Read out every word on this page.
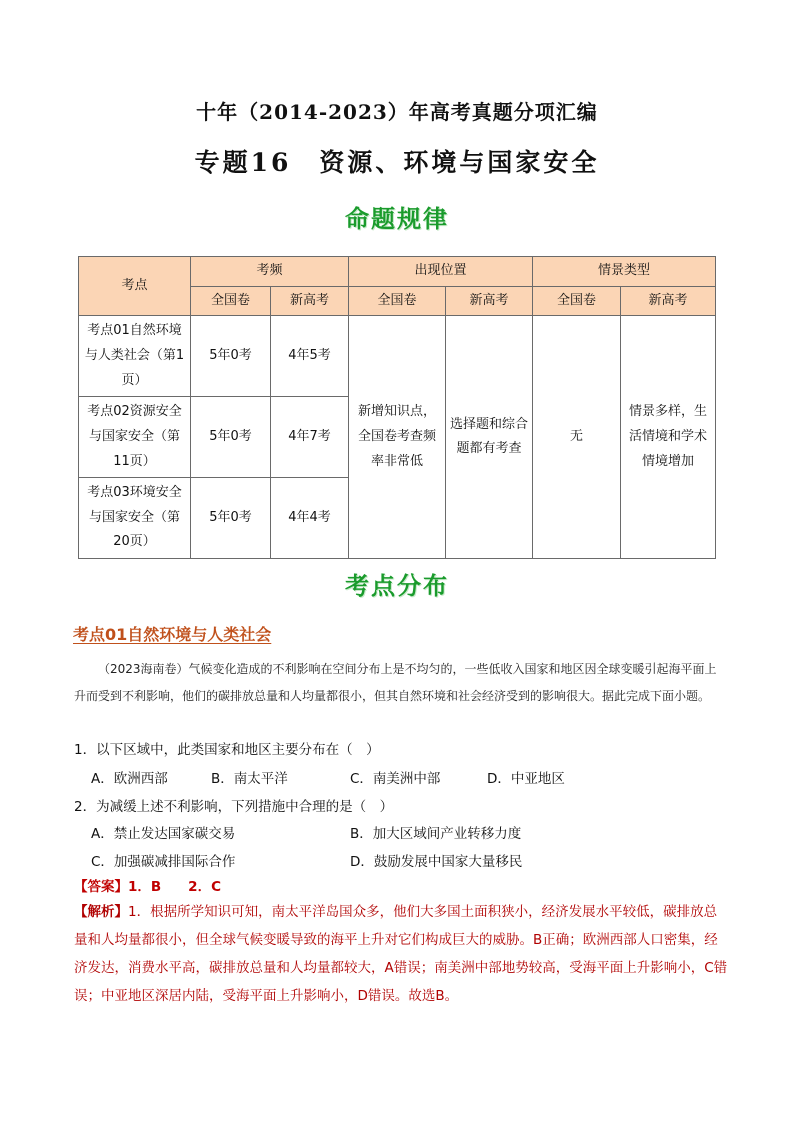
十年（2014-2023）年高考真题分项汇编
专题16　资源、环境与国家安全
命题规律
考点	考频		出现位置		情景类型	
	全国卷	新高考	全国卷	新高考	全国卷	新高考
考点01自然环境与人类社会（第1页）	5年0考	4年5考	新增知识点，全国卷考查频率非常低	选择题和综合题都有考查	无	情景多样，生活情境和学术情境增加
考点02资源安全与国家安全（第11页）	5年0考	4年7考				
考点03环境安全与国家安全（第20页）	5年0考	4年4考				
考点分布
考点01自然环境与人类社会
（2023海南卷）气候变化造成的不利影响在空间分布上是不均匀的，一些低收入国家和地区因全球变暖引起海平面上升而受到不利影响，他们的碳排放总量和人均量都很小，但其自然环境和社会经济受到的影响很大。据此完成下面小题。
1．以下区域中，此类国家和地区主要分布在（　）
A．欧洲西部	B．南太平洋	C．南美洲中部	D．中亚地区
2．为减缓上述不利影响，下列措施中合理的是（　）
A．禁止发达国家碳交易	B．加大区域间产业转移力度
C．加强碳减排国际合作	D．鼓励发展中国家大量移民
【答案】1．B　　2．C
【解析】1．根据所学知识可知，南太平洋岛国众多，他们大多国土面积狭小，经济发展水平较低，碳排放总量和人均量都很小，但全球气候变暖导致的海平上升对它们构成巨大的威胁。B正确；欧洲西部人口密集，经济发达，消费水平高，碳排放总量和人均量都较大，A错误；南美洲中部地势较高，受海平面上升影响小，C错误；中亚地区深居内陆，受海平面上升影响小，D错误。故选B。
